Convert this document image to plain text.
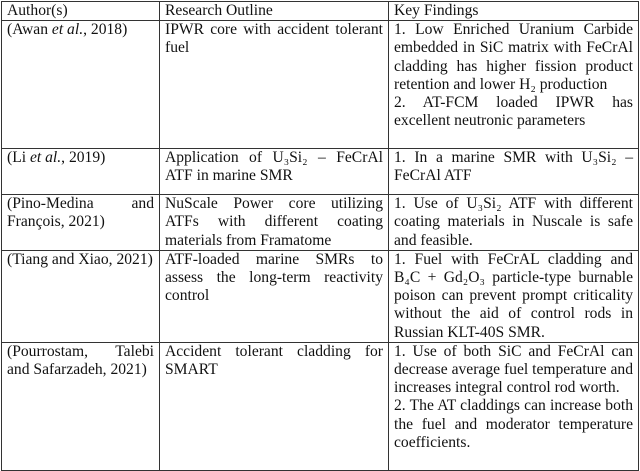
Author(s)	Research Outline	Key Findings
(Awan et al., 2018)	IPWR core with accident tolerant fuel	1. Low Enriched Uranium Carbide embedded in SiC matrix with FeCrAl cladding has higher fission product retention and lower H₂ production
2. AT-FCM loaded IPWR has excellent neutronic parameters

(Li et al., 2019)	Application of U₃Si₂ – FeCrAl ATF in marine SMR	1. In a marine SMR with U₃Si₂ – FeCrAl ATF

(Pino-Medina and François, 2021)	NuScale Power core utilizing ATFs with different coating materials from Framatome	1. Use of U₃Si₂ ATF with different coating materials in Nuscale is safe and feasible.

(Tiang and Xiao, 2021)	ATF-loaded marine SMRs to assess the long-term reactivity control	1. Fuel with FeCrAL cladding and B₄C + Gd₂O₃ particle-type burnable poison can prevent prompt criticality without the aid of control rods in Russian KLT-40S SMR.

(Pourrostam, Talebi and Safarzadeh, 2021)	Accident tolerant cladding for SMART	1. Use of both SiC and FeCrAl can decrease average fuel temperature and increases integral control rod worth.
2. The AT claddings can increase both the fuel and moderator temperature coefficients.
